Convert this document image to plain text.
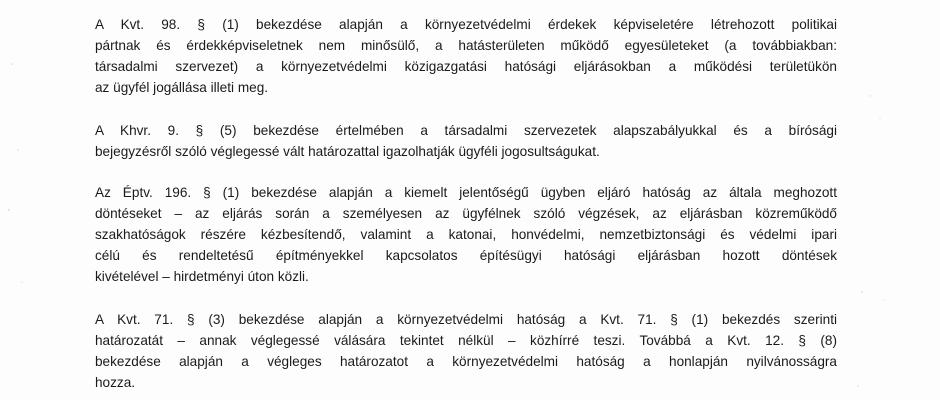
A Kvt. 98. § (1) bekezdése alapján a környezetvédelmi érdekek képviseletére létrehozott politikai
pártnak és érdekképviseletnek nem minősülő, a hatásterületen működő egyesületeket (a továbbiakban:
társadalmi szervezet) a környezetvédelmi közigazgatási hatósági eljárásokban a működési területükön
az ügyfél jogállása illeti meg.
A Khvr. 9. § (5) bekezdése értelmében a társadalmi szervezetek alapszabályukkal és a bírósági
bejegyzésről szóló véglegessé vált határozattal igazolhatják ügyféli jogosultságukat.
Az Éptv. 196. § (1) bekezdése alapján a kiemelt jelentőségű ügyben eljáró hatóság az általa meghozott
döntéseket – az eljárás során a személyesen az ügyfélnek szóló végzések, az eljárásban közreműködő
szakhatóságok részére kézbesítendő, valamint a katonai, honvédelmi, nemzetbiztonsági és védelmi ipari
célú és rendeltetésű építményekkel kapcsolatos építésügyi hatósági eljárásban hozott döntések
kivételével – hirdetményi úton közli.
A Kvt. 71. § (3) bekezdése alapján a környezetvédelmi hatóság a Kvt. 71. § (1) bekezdés szerinti
határozatát – annak véglegessé válására tekintet nélkül – közhírré teszi. Továbbá a Kvt. 12. § (8)
bekezdése alapján a végleges határozatot a környezetvédelmi hatóság a honlapján nyilvánosságra
hozza.
